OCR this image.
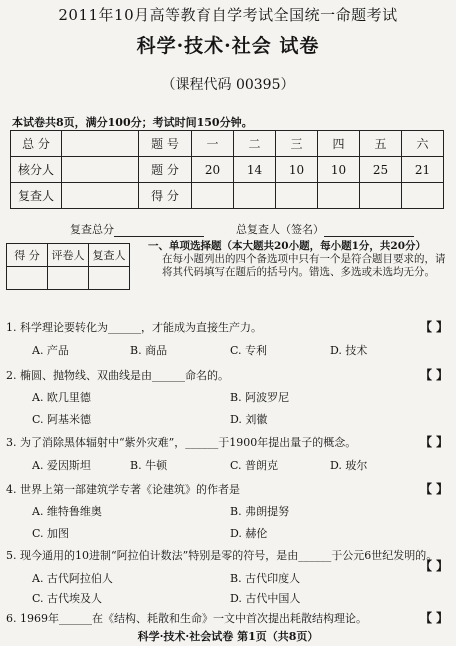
2011年10月高等教育自学考试全国统一命题考试
科学·技术·社会 试卷
（课程代码 00395）
本试卷共8页，满分100分；考试时间150分钟。
总 分		题 号	一	二	三	四	五	六
核分人		题 分	20	14	10	10	25	21
复查人		得 分						
复查总分	总复查人（签名）
得 分	评卷人	复查人

一、单项选择题（本大题共20小题，每小题1分，共20分）

在每小题列出的四个备选项中只有一个是符合题目要求的，请将其代码填写在题后的括号内。错选、多选或未选均无分。
1. 科学理论要转化为______，才能成为直接生产力。	【 】
A. 产品	B. 商品	C. 专利	D. 技术
2. 椭圆、抛物线、双曲线是由______命名的。	【 】
A. 欧几里德	B. 阿波罗尼
C. 阿基米德	D. 刘徽
3. 为了消除黑体辐射中“紫外灾难”，______于1900年提出量子的概念。	【 】
A. 爱因斯坦	B. 牛顿	C. 普朗克	D. 玻尔
4. 世界上第一部建筑学专著《论建筑》的作者是	【 】
A. 维特鲁维奥	B. 弗朗提努
C. 加图	D. 赫伦
5. 现今通用的10进制“阿拉伯计数法”特别是零的符号，是由______于公元6世纪发明的。
【 】
A. 古代阿拉伯人	B. 古代印度人
C. 古代埃及人	D. 古代中国人
6. 1969年______在《结构、耗散和生命》一文中首次提出耗散结构理论。	【 】
科学·技术·社会试卷 第1页（共8页）
